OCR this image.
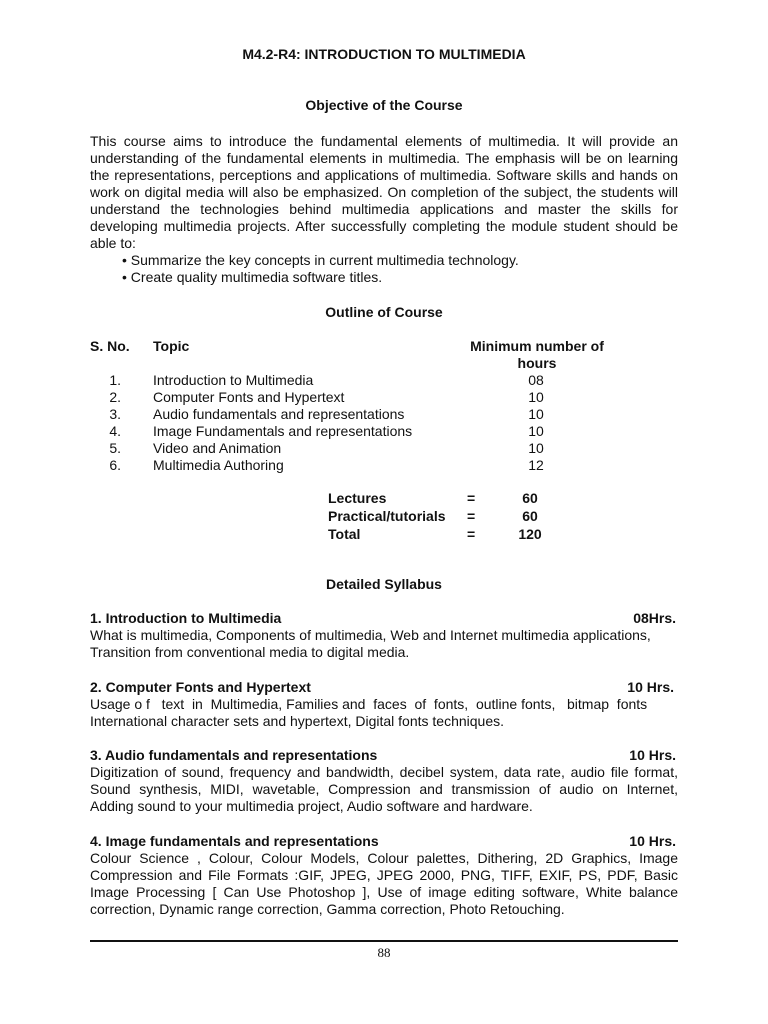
M4.2-R4: INTRODUCTION TO MULTIMEDIA
Objective of the Course
This course aims to introduce the fundamental elements of multimedia. It will provide an understanding of the fundamental elements in multimedia. The emphasis will be on learning the representations, perceptions and applications of multimedia. Software skills and hands on work on digital media will also be emphasized. On completion of the subject, the students will understand the technologies behind multimedia applications and master the skills for developing multimedia projects. After successfully completing the module student should be able to:
• Summarize the key concepts in current multimedia technology.
• Create quality multimedia software titles.
Outline of Course
S. No. Topic	Minimum number of
hours
1. Introduction to Multimedia	08
2. Computer Fonts and Hypertext	10
3. Audio fundamentals and representations	10
4. Image Fundamentals and representations	10
5. Video and Animation	10
6. Multimedia Authoring	12
Lectures	=	60
Practical/tutorials =	60
Total	=	120
Detailed Syllabus
1. Introduction to Multimedia	08Hrs.
What is multimedia, Components of multimedia, Web and Internet multimedia applications,
Transition from conventional media to digital media.
2. Computer Fonts and Hypertext	10 Hrs.
Usage o f   text  in  Multimedia, Families and  faces  of  fonts,  outline fonts,   bitmap  fonts
International character sets and hypertext, Digital fonts techniques.
3. Audio fundamentals and representations	10 Hrs.
Digitization of sound, frequency and bandwidth, decibel system, data rate, audio file format,
Sound synthesis, MIDI, wavetable, Compression and transmission of audio on Internet,
Adding sound to your multimedia project, Audio software and hardware.
4. Image fundamentals and representations	10 Hrs.
Colour Science , Colour, Colour Models, Colour palettes, Dithering, 2D Graphics, Image
Compression and File Formats :GIF, JPEG, JPEG 2000, PNG, TIFF, EXIF, PS, PDF, Basic
Image Processing [ Can Use Photoshop ], Use of image editing software, White balance
correction, Dynamic range correction, Gamma correction, Photo Retouching.
88
